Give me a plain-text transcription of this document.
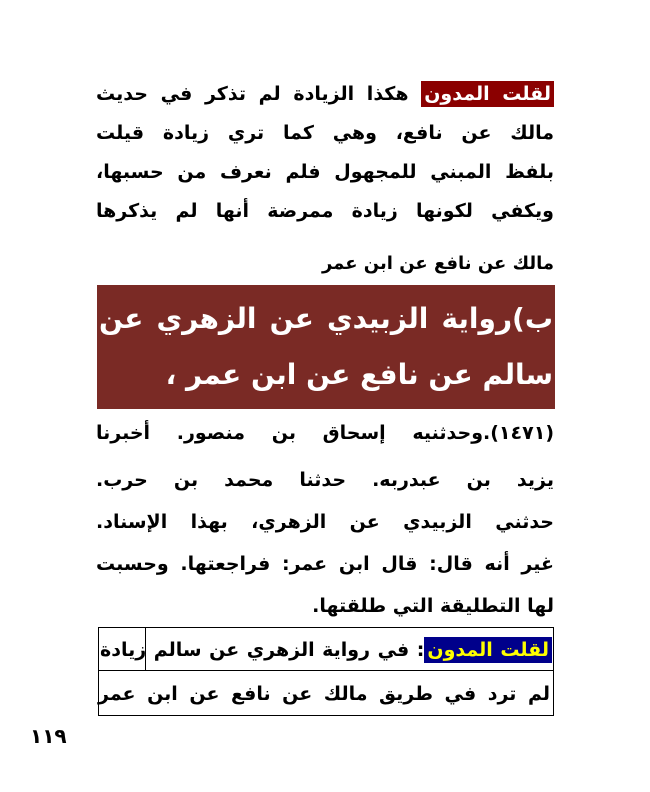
لقلت المدون هكذا الزيادة لم تذكر في حديث
مالك عن نافع، وهي كما تري زيادة قيلت
بلفظ المبني للمجهول فلم نعرف من حسبها،
ويكفي لكونها زيادة ممرضة أنها لم يذكرها
مالك عن نافع عن ابن عمر
ب)رواية الزبيدي عن الزهري عن
سالم عن نافع عن ابن عمر ،
(١٤٧١).وحدثنيه إسحاق بن منصور. أخبرنا
يزيد بن عبدربه. حدثنا محمد بن حرب.
حدثني الزبيدي عن الزهري، بهذا الإسناد.
غير أنه قال: قال ابن عمر: فراجعتها. وحسبت
لها التطليقة التي طلقتها.
لقلت المدون: في رواية الزهري عن سالم زيادة
لم ترد في طريق مالك عن نافع عن ابن عمر
١١٩
